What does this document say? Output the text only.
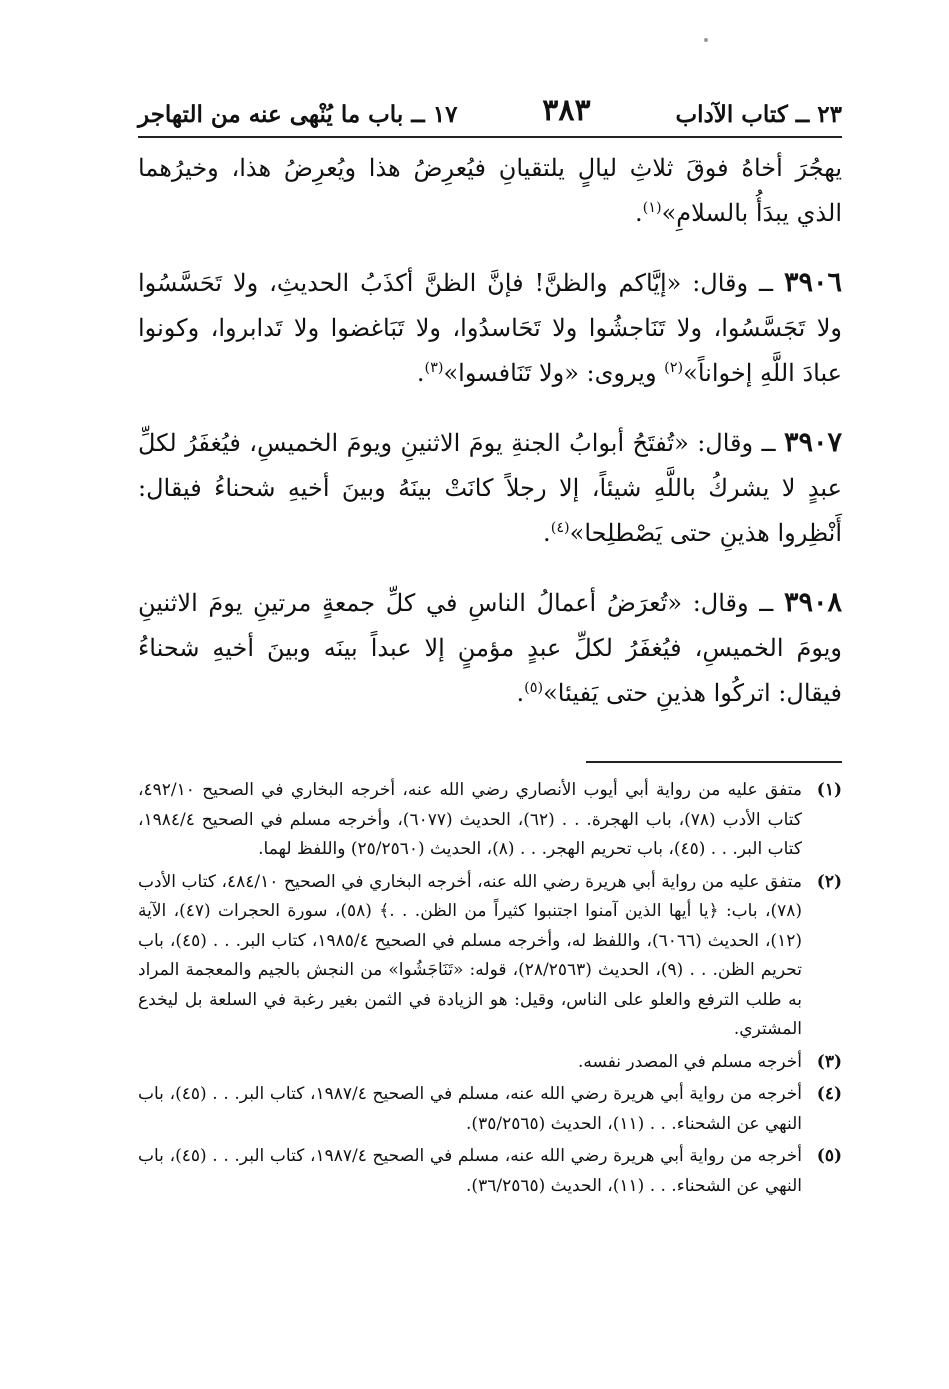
٢٣ ــ كتاب الآداب
٣٨٣
١٧ ــ باب ما يُنْهى عنه من التهاجر

يهجُرَ أخاهُ فوقَ ثلاثِ ليالٍ يلتقيانِ فيُعرِضُ هذا ويُعرِضُ هذا، وخيرُهما الذي يبدَأُ بالسلامِ»$^{(١)}$.

٣٩٠٦ ــ وقال: «إيَّاكم والظنَّ! فإنَّ الظنَّ أكذَبُ الحديثِ، ولا تَحَسَّسُوا ولا تَجَسَّسُوا، ولا تَنَاجشُوا ولا تَحَاسدُوا، ولا تَبَاغضوا ولا تَدابروا، وكونوا عبادَ اللَّهِ إخواناً»$^{(٢)}$ ويروى: «ولا تَنَافسوا»$^{(٣)}$.

٣٩٠٧ ــ وقال: «تُفتَحُ أبوابُ الجنةِ يومَ الاثنينِ ويومَ الخميسِ، فيُغفَرُ لكلِّ عبدٍ لا يشركُ باللَّهِ شيئاً، إلا رجلاً كانَتْ بينَهُ وبينَ أخيهِ شحناءُ فيقال: أَنْظِروا هذينِ حتى يَصْطلِحا»$^{(٤)}$.

٣٩٠٨ ــ وقال: «تُعرَضُ أعمالُ الناسِ في كلِّ جمعةٍ مرتينِ يومَ الاثنينِ ويومَ الخميسِ، فيُغفَرُ لكلِّ عبدٍ مؤمنٍ إلا عبداً بينَه وبينَ أخيهِ شحناءُ فيقال: اتركُوا هذينِ حتى يَفيئا»$^{(٥)}$.

(١)
متفق عليه من رواية أبي أيوب الأنصاري رضي الله عنه، أخرجه البخاري في الصحيح ٤٩٢/١٠، كتاب الأدب (٧٨)، باب الهجرة. . . (٦٢)، الحديث (٦٠٧٧)، وأخرجه مسلم في الصحيح ١٩٨٤/٤، كتاب البر. . . (٤٥)، باب تحريم الهجر. . . (٨)، الحديث (٢٥/٢٥٦٠) واللفظ لهما.
(٢)
متفق عليه من رواية أبي هريرة رضي الله عنه، أخرجه البخاري في الصحيح ٤٨٤/١٠، كتاب الأدب (٧٨)، باب: ﴿يا أيها الذين آمنوا اجتنبوا كثيراً من الظن. . .﴾ (٥٨)، سورة الحجرات (٤٧)، الآية (١٢)، الحديث (٦٠٦٦)، واللفظ له، وأخرجه مسلم في الصحيح ١٩٨٥/٤، كتاب البر. . . (٤٥)، باب تحريم الظن. . . (٩)، الحديث (٢٨/٢٥٦٣)، قوله: «تَنَاجَشُوا» من النجش بالجيم والمعجمة المراد به طلب الترفع والعلو على الناس، وقيل: هو الزيادة في الثمن بغير رغبة في السلعة بل ليخدع المشتري.
(٣)
أخرجه مسلم في المصدر نفسه.
(٤)
أخرجه من رواية أبي هريرة رضي الله عنه، مسلم في الصحيح ١٩٨٧/٤، كتاب البر. . . (٤٥)، باب النهي عن الشحناء. . . (١١)، الحديث (٣٥/٢٥٦٥).
(٥)
أخرجه من رواية أبي هريرة رضي الله عنه، مسلم في الصحيح ١٩٨٧/٤، كتاب البر. . . (٤٥)، باب النهي عن الشحناء. . . (١١)، الحديث (٣٦/٢٥٦٥).
